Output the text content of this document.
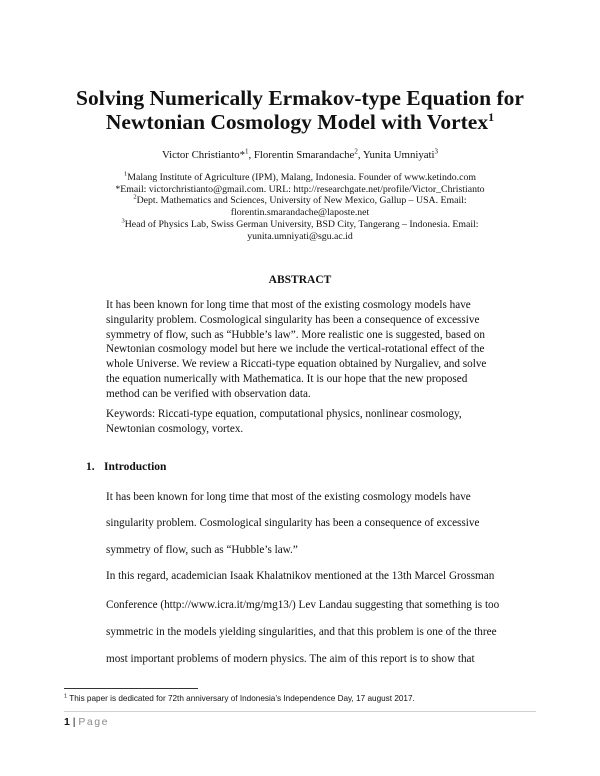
Solving Numerically Ermakov-type Equation for
Newtonian Cosmology Model with Vortex$^1$
Victor Christianto*$^1$, Florentin Smarandache$^2$, Yunita Umniyati$^3$
$^1$Malang Institute of Agriculture (IPM), Malang, Indonesia. Founder of www.ketindo.com
*Email: victorchristianto@gmail.com. URL: http://researchgate.net/profile/Victor_Christianto
$^2$Dept. Mathematics and Sciences, University of New Mexico, Gallup – USA. Email:
florentin.smarandache@laposte.net
$^3$Head of Physics Lab, Swiss German University, BSD City, Tangerang – Indonesia. Email:
yunita.umniyati@sgu.ac.id
ABSTRACT

It has been known for long time that most of the existing cosmology models have singularity problem. Cosmological singularity has been a consequence of excessive symmetry of flow, such as “Hubble’s law”. More realistic one is suggested, based on Newtonian cosmology model but here we include the vertical-rotational effect of the whole Universe. We review a Riccati-type equation obtained by Nurgaliev, and solve the equation numerically with Mathematica. It is our hope that the new proposed method can be verified with observation data.

Keywords: Riccati-type equation, computational physics, nonlinear cosmology, Newtonian cosmology, vortex.

1. Introduction
It has been known for long time that most of the existing cosmology models have
singularity problem. Cosmological singularity has been a consequence of excessive
symmetry of flow, such as “Hubble’s law.”
In this regard, academician Isaak Khalatnikov mentioned at the 13th Marcel Grossman
Conference (http://www.icra.it/mg/mg13/) Lev Landau suggesting that something is too
symmetric in the models yielding singularities, and that this problem is one of the three
most important problems of modern physics. The aim of this report is to show that
$^1$ This paper is dedicated for 72th anniversary of Indonesia’s Independence Day, 17 august 2017.
1 | Page
